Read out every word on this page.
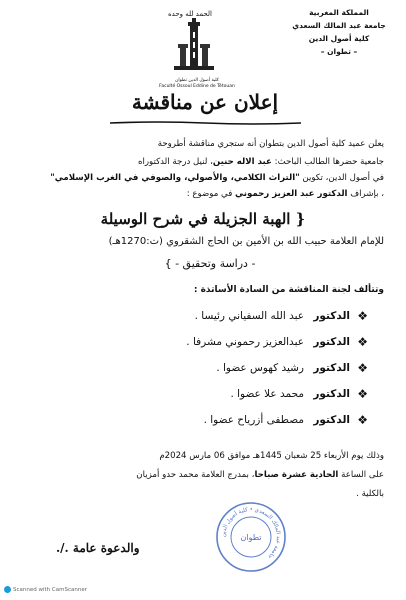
المملكة المغربية
جامعة عبد المالك السعدي
كلية أصول الدين
– تطوان –
الحمد لله وحده
كلية أصول الدين تطوان
Faculté Ossoul Eddine de Tétouan
إعلان عن مناقشة
يعلن عميد كلية أصول الدين بتطوان أنه ستجري مناقشة أطروحة
جامعية حضرها الطالب الباحث: عبد الاله حنين، لنيل درجة الدكتوراه
في أصول الدين، تكوين "التراث الكلامي، والأصولي، والصوفي في الغرب الإسلامي"
، بإشراف الدكتور عبد العزيز رحموني في موضوع :
{ الهبة الجزيلة في شرح الوسيلة
للإمام العلامة حبيب الله بن الأمين بن الحاج الشقروي (ت:1270هـ)
- دراسة وتحقيق - }
وتتألف لجنة المناقشة من السادة الأساتذة :
❖
الدكتور عبد الله السفياني رئيسا .
❖
الدكتور عبدالعزيز رحموني مشرفا .
❖
الدكتور رشيد كهوس عضوا .
❖
الدكتور محمد علا عضوا .
❖
الدكتور مصطفى أزرياح عضوا .
وذلك يوم الأربعاء 25 شعبان 1445هـ موافق 06 مارس 2024م
على الساعة الحادية عشرة صباحا، بمدرج العلامة محمد حدو أمزيان
بالكلية .
جامعة عبد المالك السعدي • كلية أصول الدين
تطوان
والدعوة عامة ./.
Scanned with CamScanner
